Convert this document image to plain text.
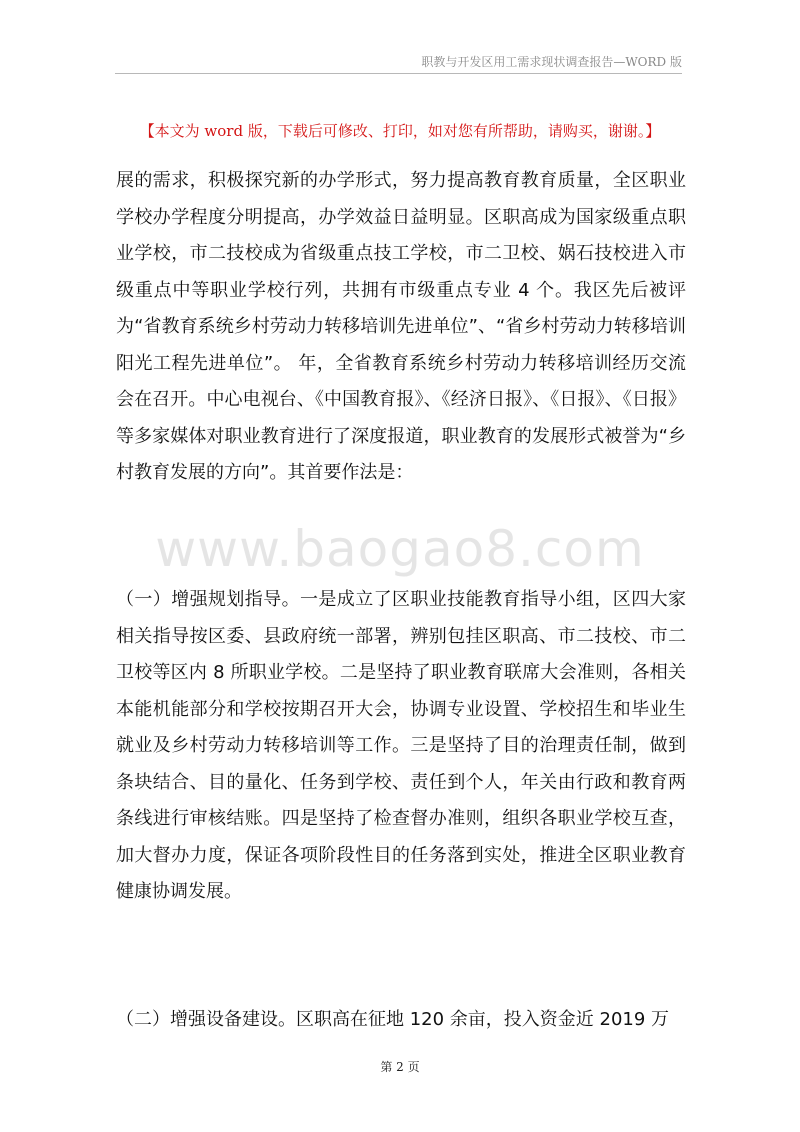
职教与开发区用工需求现状调查报告—WORD 版
【本文为 word 版，下载后可修改、打印，如对您有所帮助，请购买，谢谢。】
展的需求，积极探究新的办学形式，努力提高教育教育质量，全区职业学校办学程度分明提高，办学效益日益明显。区职高成为国家级重点职业学校，市二技校成为省级重点技工学校，市二卫校、娲石技校进入市级重点中等职业学校行列，共拥有市级重点专业 4 个。我区先后被评为“省教育系统乡村劳动力转移培训先进单位”、“省乡村劳动力转移培训阳光工程先进单位”。 年，全省教育系统乡村劳动力转移培训经历交流会在召开。中心电视台、《中国教育报》、《经济日报》、《日报》、《日报》等多家媒体对职业教育进行了深度报道，职业教育的发展形式被誉为“乡村教育发展的方向”。其首要作法是：
www.baogao8.com
（一）增强规划指导。一是成立了区职业技能教育指导小组，区四大家相关指导按区委、县政府统一部署，辨别包挂区职高、市二技校、市二卫校等区内 8 所职业学校。二是坚持了职业教育联席大会准则，各相关本能机能部分和学校按期召开大会，协调专业设置、学校招生和毕业生就业及乡村劳动力转移培训等工作。三是坚持了目的治理责任制，做到条块结合、目的量化、任务到学校、责任到个人，年关由行政和教育两条线进行审核结账。四是坚持了检查督办准则，组织各职业学校互查，加大督办力度，保证各项阶段性目的任务落到实处，推进全区职业教育健康协调发展。
（二）增强设备建设。区职高在征地 120 余亩，投入资金近 2019 万
第 2 页
